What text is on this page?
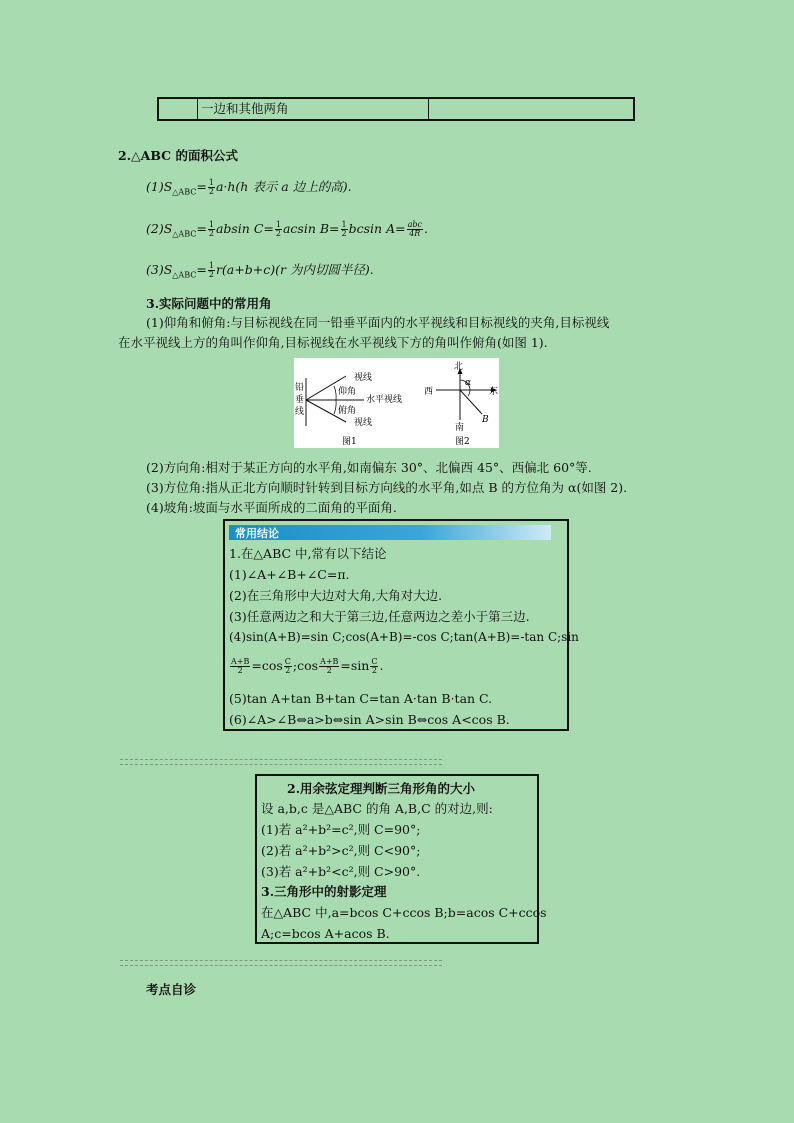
一边和其他两角
2.△ABC 的面积公式
$(1)S_{\triangle ABC}= \frac{1}{2} a\cdot h(h$ 表示 a 边上的高).
$(2)S_{\triangle ABC}= \frac{1}{2}$ absin $C= \frac{1}{2}$ acsin $B= \frac{1}{2}$ bcsin $A= \frac{\text{abc}}{4R}$ .
$(3)S_{\triangle ABC}= \frac{1}{2} r(a+b+c)(r$ 为内切圆半径).
3.实际问题中的常用角
(1)仰角和俯角:与目标视线在同一铅垂平面内的水平视线和目标视线的夹角,目标视线
在水平视线上方的角叫作仰角,目标视线在水平视线下方的角叫作俯角(如图 1).
铅
垂
线
视线
仰角
水平视线
俯角
视线
图1
北
西	东
南
α
B
图2
(2)方向角:相对于某正方向的水平角,如南偏东 30°、北偏西 45°、西偏北 60°等.
(3)方位角:指从正北方向顺时针转到目标方向线的水平角,如点 B 的方位角为 α(如图 2).
(4)坡角:坡面与水平面所成的二面角的平面角.
常用结论
1.在△ABC 中,常有以下结论
(1)∠A+∠B+∠C=π.
(2)在三角形中大边对大角,大角对大边.
(3)任意两边之和大于第三边,任意两边之差小于第三边.
(4)sin(A+B)=sin C;cos(A+B)=-cos C;tan(A+B)=-tan C;sin
$\frac{A+B}{2} =\cos \frac{C}{2}$ ;cos $\frac{A+B}{2} =\sin \frac{C}{2}$ .
(5)tan A+tan B+tan C=tan A·tan B·tan C.
(6)∠A>∠B⇔a>b⇔sin A>sin B⇔cos A<cos B.
2.用余弦定理判断三角形角的大小
设 a,b,c 是△ABC 的角 A,B,C 的对边,则:
(1)若 a²+b²=c²,则 C=90°;
(2)若 a²+b²>c²,则 C<90°;
(3)若 a²+b²<c²,则 C>90°.
3.三角形中的射影定理
在△ABC 中,a=bcos C+ccos B;b=acos C+ccos
A;c=bcos A+acos B.
考点自诊
